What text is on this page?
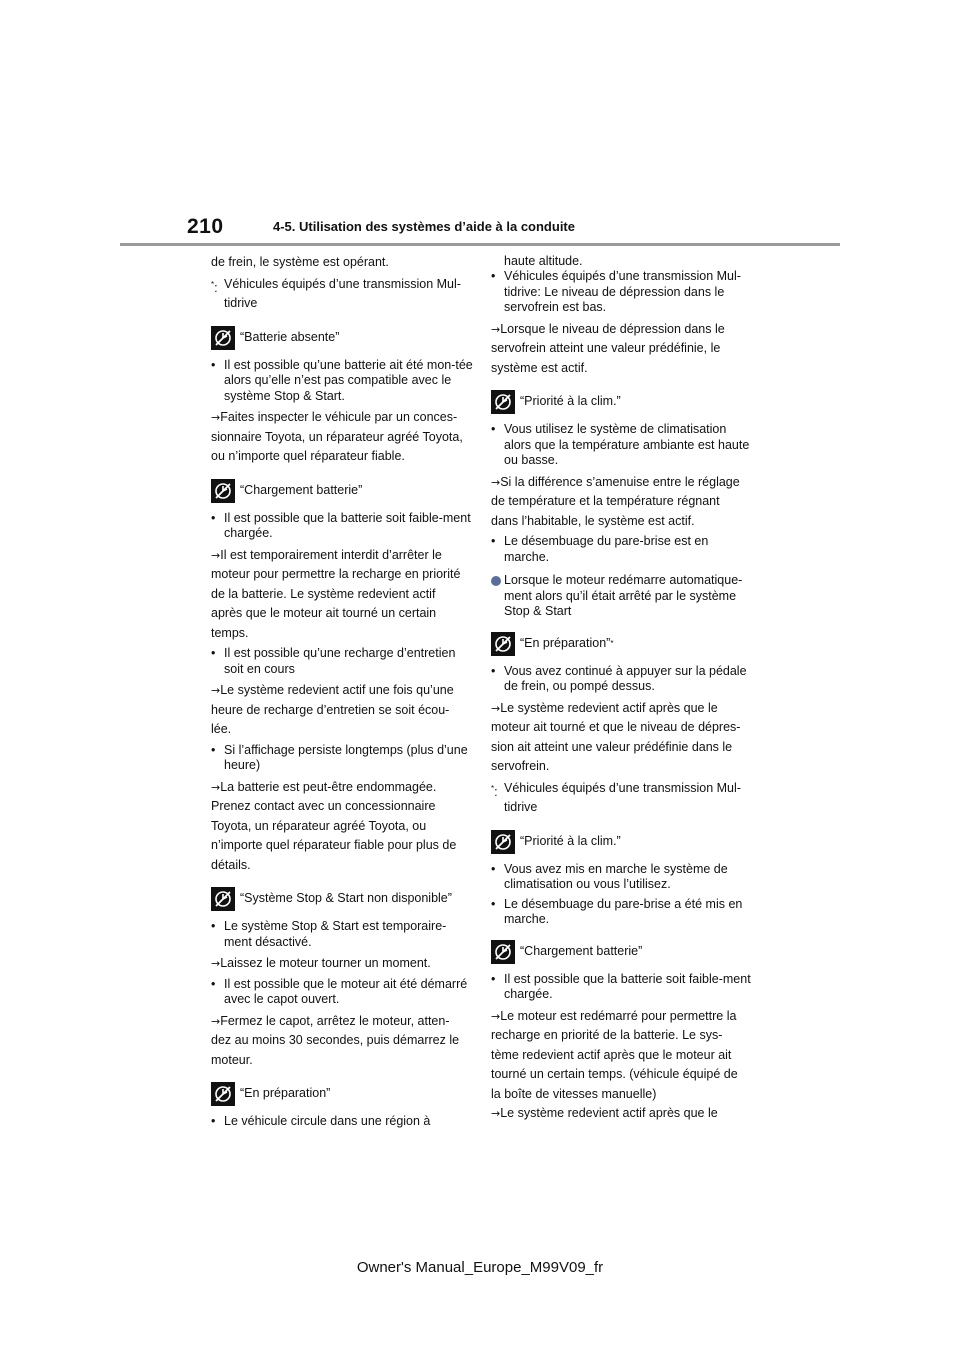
210	4-5. Utilisation des systèmes d’aide à la conduite

de frein, le système est opérant.

*: Véhicules équipés d’une transmission Mul-
tidrive
“Batterie absente”
• Il est possible qu’une batterie ait été mon-tée alors qu’elle n’est pas compatible avec le système Stop & Start.

→Faites inspecter le véhicule par un conces-

sionnaire Toyota, un réparateur agréé Toyota,

ou n’importe quel réparateur fiable.

“Chargement batterie”
• Il est possible que la batterie soit faible-ment chargée.

→Il est temporairement interdit d’arrêter le

moteur pour permettre la recharge en priorité

de la batterie. Le système redevient actif

après que le moteur ait tourné un certain

temps.

• Il est possible qu’une recharge d’entretien soit en cours

→Le système redevient actif une fois qu’une

heure de recharge d’entretien se soit écou-

lée.

• Si l’affichage persiste longtemps (plus d’une heure)

→La batterie est peut-être endommagée.

Prenez contact avec un concessionnaire

Toyota, un réparateur agréé Toyota, ou

n’importe quel réparateur fiable pour plus de

détails.

“Système Stop & Start non disponible”
• Le système Stop & Start est temporaire-ment désactivé.

→Laissez le moteur tourner un moment.

• Il est possible que le moteur ait été démarré avec le capot ouvert.

→Fermez le capot, arrêtez le moteur, atten-

dez au moins 30 secondes, puis démarrez le

moteur.

“En préparation”
• Le véhicule circule dans une région à

haute altitude.

• Véhicules équipés d’une transmission Mul-tidrive: Le niveau de dépression dans le servofrein est bas.

→Lorsque le niveau de dépression dans le

servofrein atteint une valeur prédéfinie, le

système est actif.

“Priorité à la clim.”
• Vous utilisez le système de climatisation alors que la température ambiante est haute ou basse.

→Si la différence s’amenuise entre le réglage

de température et la température régnant

dans l’habitable, le système est actif.

• Le désembuage du pare-brise est en marche.
Lorsque le moteur redémarre automatique-ment alors qu’il était arrêté par le système Stop & Start
“En préparation”*
• Vous avez continué à appuyer sur la pédale de frein, ou pompé dessus.

→Le système redevient actif après que le

moteur ait tourné et que le niveau de dépres-

sion ait atteint une valeur prédéfinie dans le

servofrein.

*: Véhicules équipés d’une transmission Mul-
tidrive
“Priorité à la clim.”
• Vous avez mis en marche le système de climatisation ou vous l’utilisez.
• Le désembuage du pare-brise a été mis en marche.
“Chargement batterie”
• Il est possible que la batterie soit faible-ment chargée.

→Le moteur est redémarré pour permettre la

recharge en priorité de la batterie. Le sys-

tème redevient actif après que le moteur ait

tourné un certain temps. (véhicule équipé de

la boîte de vitesses manuelle)

→Le système redevient actif après que le

Owner's Manual_Europe_M99V09_fr
